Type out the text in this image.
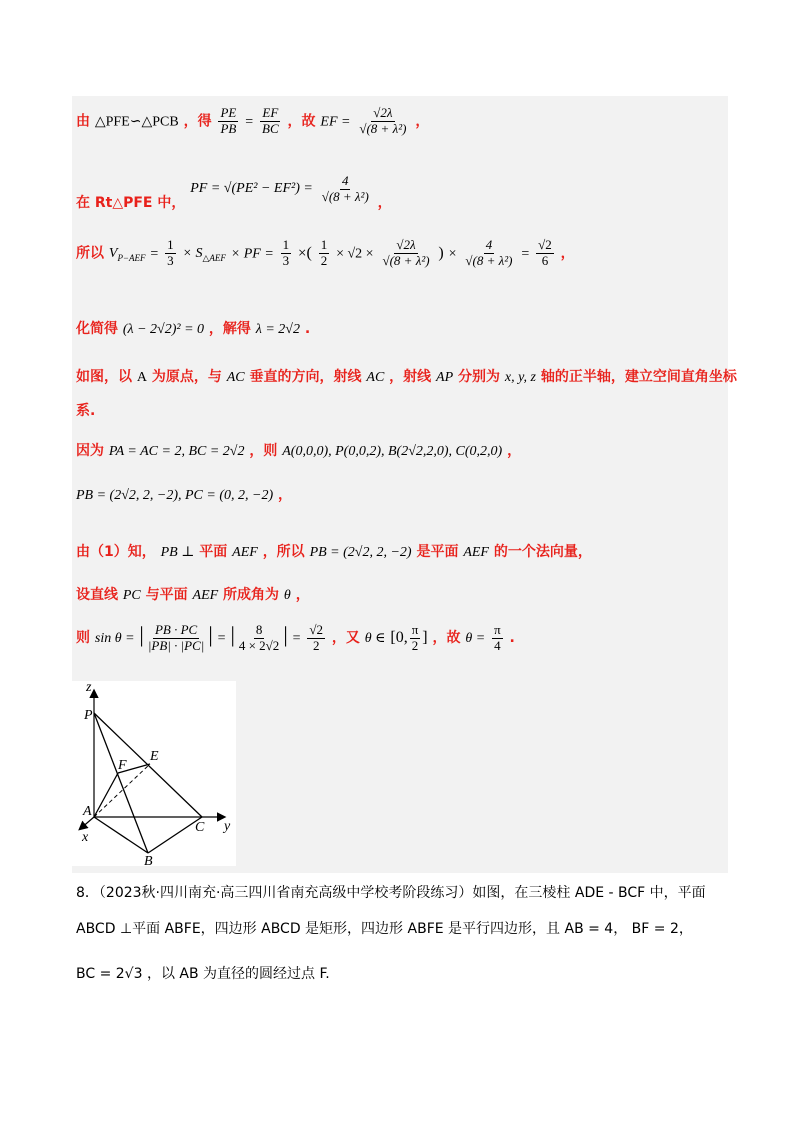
由 △PFE∽△PCB ，得 $\frac{PE}{PB} = \frac{EF}{BC}$ ，故 EF = $\frac{√2\lambda}{\text{√(8 + λ²)}}$ ，
在 Rt△PFE 中， PF = $√(PE^2 - EF^2) = \frac{4}{\text{√(8 + λ²)}}$ ，
所以 $V_{P-AEF} = \frac{1}{3} \times S_{\triangle AEF}$ × PF = $\frac{1}{3}$ ×( $\frac{1}{2} \times √2 \times \frac{√2\lambda}{\text{√(8 + λ²)}}$ ) × $\frac{4}{\text{√(8 + λ²)}} = \frac{√2}{6}$ ，
化简得 (λ − 2√2)² = 0 ，解得 λ = 2√2 .
如图，以 A 为原点，与 AC 垂直的方向，射线 AC ，射线 AP 分别为 x, y, z 轴的正半轴，建立空间直角坐标
系.
因为 PA = AC = 2, BC = 2√2 ，则 A(0,0,0), P(0,0,2), B(2√2,2,0), C(0,2,0) ，
PB = (2√2, 2, −2), PC = (0, 2, −2) ，
由（1）知， PB ⊥ 平面 AEF ，所以 PB = (2√2, 2, −2) 是平面 AEF 的一个法向量，
设直线 PC 与平面 AEF 所成角为 θ ，
则 sin θ = | $\frac{PB \cdot PC}{|PB| \cdot |PC|}$ | = | $\frac{8}{4 \times 2√2}$ | = $\frac{√2}{2}$ ，又 θ ∈ [0, $\frac{\pi}{2}$ ] ，故 $\theta = \frac{\pi}{4}$ .
z
P
E
F
A
C y
x
B
8．（2023秋·四川南充·高三四川省南充高级中学校考阶段练习）如图，在三棱柱 ADE - BCF 中，平面
ABCD ⊥平面 ABFE，四边形 ABCD 是矩形，四边形 ABFE 是平行四边形，且 AB = 4， BF = 2，
BC = 2√3 ，以 AB 为直径的圆经过点 F.
